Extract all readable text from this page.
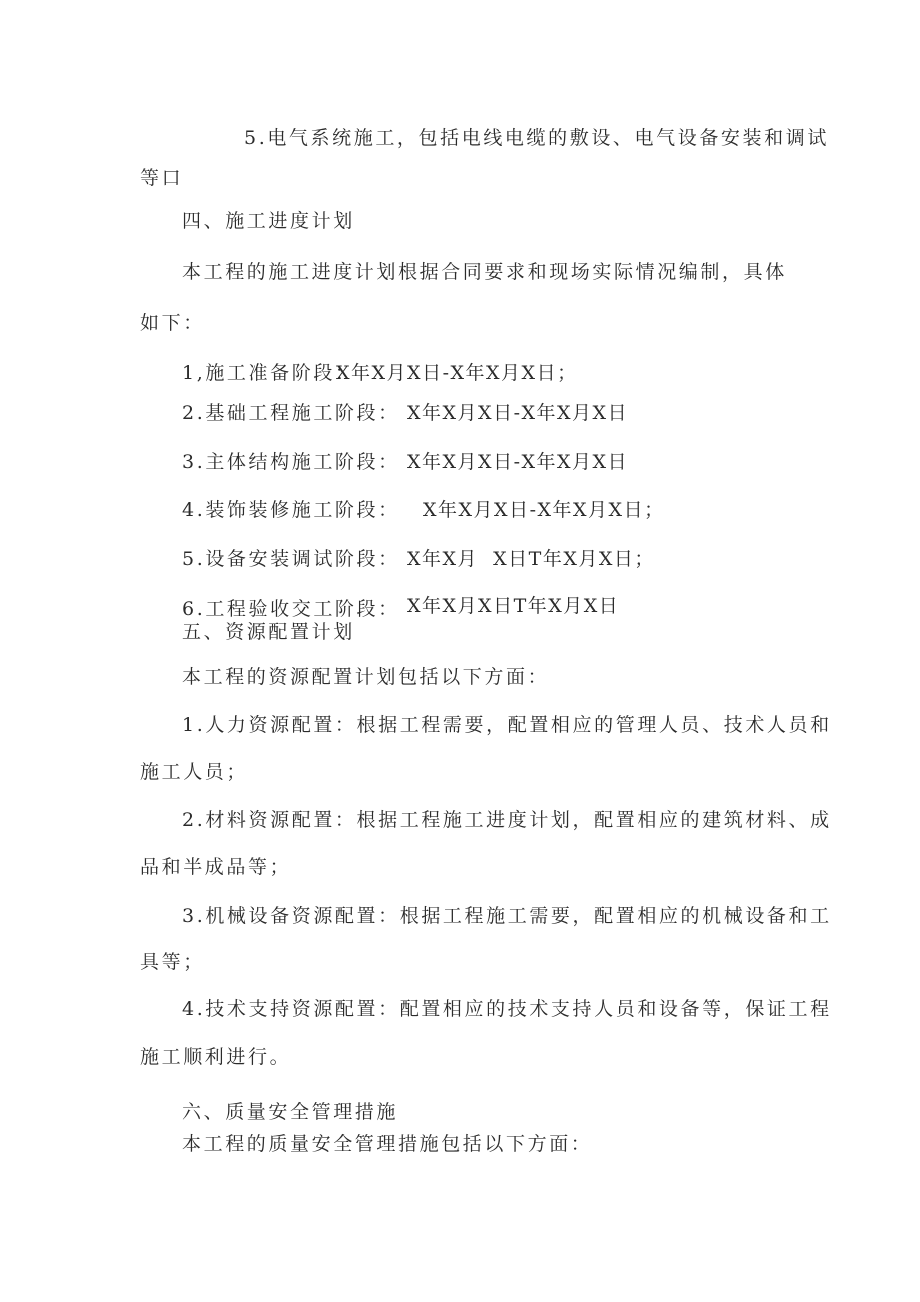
5.电气系统施工，包括电线电缆的敷设、电气设备安装和调试
等口
四、施工进度计划
本工程的施工进度计划根据合同要求和现场实际情况编制，具体
如下：
1,施工准备阶段：
X年X月X日-X年X月X日；
2.基础工程施工阶段： X年X月X日-X年X月X日
3.主体结构施工阶段： X年X月X日-X年X月X日
4.装饰装修施工阶段： X年X月X日-X年X月X日；
5.设备安装调试阶段： X年X月  X日T年X月X日；
6.工程验收交工阶段： X年X月X日T年X月X日
五、资源配置计划
本工程的资源配置计划包括以下方面：
1.人力资源配置：根据工程需要，配置相应的管理人员、技术人员和
施工人员；
2.材料资源配置：根据工程施工进度计划，配置相应的建筑材料、成
品和半成品等；
3.机械设备资源配置：根据工程施工需要，配置相应的机械设备和工
具等；
4.技术支持资源配置：配置相应的技术支持人员和设备等，保证工程
施工顺利进行。
六、质量安全管理措施
本工程的质量安全管理措施包括以下方面：
